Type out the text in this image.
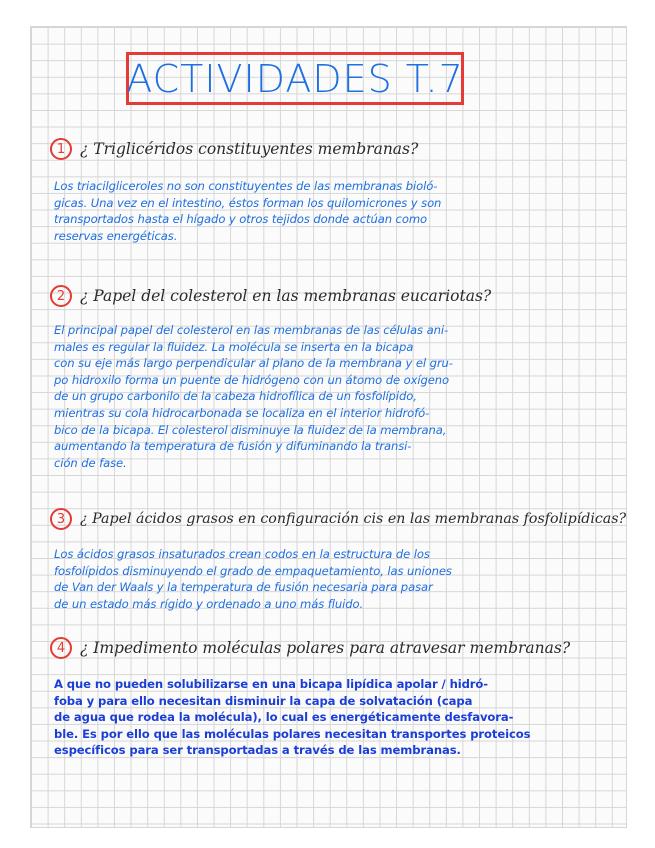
ACTIVIDADES T.7
1 ¿ Triglicéridos constituyentes membranas?
Los triacilgliceroles no son constituyentes de las membranas bioló-
gicas. Una vez en el intestino, éstos forman los quilomicrones y son
transportados hasta el hígado y otros tejidos donde actúan como
reservas energéticas.
2 ¿ Papel del colesterol en las membranas eucariotas?
El principal papel del colesterol en las membranas de las células ani-
males es regular la fluidez. La molécula se inserta en la bicapa
con su eje más largo perpendicular al plano de la membrana y el gru-
po hidroxilo forma un puente de hidrógeno con un átomo de oxígeno
de un grupo carbonilo de la cabeza hidrofílica de un fosfolípido,
mientras su cola hidrocarbonada se localiza en el interior hidrofó-
bico de la bicapa. El colesterol disminuye la fluidez de la membrana,
aumentando la temperatura de fusión y difuminando la transi-
ción de fase.
3	¿ Papel ácidos grasos en configuración cis en las membranas fosfolipídicas?
Los ácidos grasos insaturados crean codos en la estructura de los
fosfolípidos disminuyendo el grado de empaquetamiento, las uniones
de Van der Waals y la temperatura de fusión necesaria para pasar
de un estado más rígido y ordenado a uno más fluido.
4 ¿ Impedimento moléculas polares para atravesar membranas?
A que no pueden solubilizarse en una bicapa lipídica apolar / hidró-
foba y para ello necesitan disminuir la capa de solvatación (capa
de agua que rodea la molécula), lo cual es energéticamente desfavora-
ble. Es por ello que las moléculas polares necesitan transportes proteicos
específicos para ser transportadas a través de las membranas.
